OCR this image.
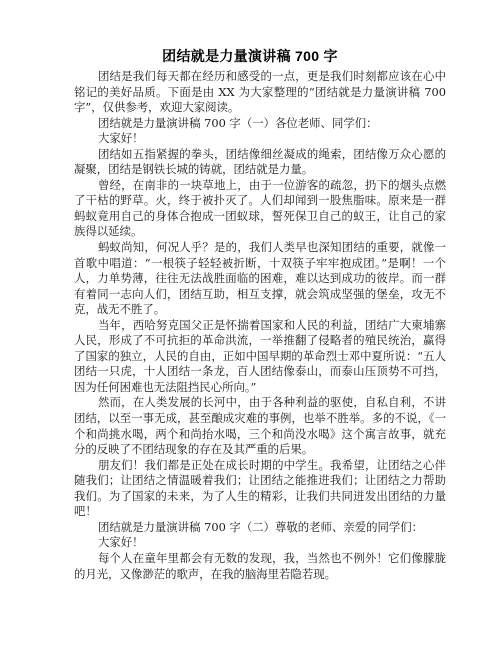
团结就是力量演讲稿 700 字

团结是我们每天都在经历和感受的一点，更是我们时刻都应该在心中铭记的美好品质。下面是由 XX 为大家整理的“团结就是力量演讲稿 700 字”，仅供参考，欢迎大家阅读。

团结就是力量演讲稿 700 字（一）各位老师、同学们：

大家好！

团结如五指紧握的拳头，团结像细丝凝成的绳索，团结像万众心愿的凝聚，团结是钢铁长城的铸就，团结就是力量。

曾经，在南非的一块草地上，由于一位游客的疏忽，扔下的烟头点燃了干枯的野草。火，终于被扑灭了。人们却闻到一股焦脂味。原来是一群蚂蚁竟用自己的身体合抱成一团蚁球，誓死保卫自己的蚁王，让自己的家族得以延续。

蚂蚁尚知，何况人乎？是的，我们人类早也深知团结的重要，就像一首歌中唱道：“一根筷子轻轻被折断，十双筷子牢牢抱成团。”是啊！一个人，力单势薄，往往无法战胜面临的困难，难以达到成功的彼岸。而一群有着同一志向人们，团结互助，相互支撑，就会筑成坚强的堡垒，攻无不克，战无不胜了。

当年，西哈努克国父正是怀揣着国家和人民的利益，团结广大柬埔寨人民，形成了不可抗拒的革命洪流，一举推翻了侵略者的殖民统治，赢得了国家的独立，人民的自由，正如中国早期的革命烈士邓中夏所说：“五人团结一只虎，十人团结一条龙，百人团结像泰山，而泰山压顶势不可挡，因为任何困难也无法阻挡民心所向。”

然而，在人类发展的长河中，由于各种利益的驱使，自私自利，不讲团结，以至一事无成，甚至酿成灾难的事例，也举不胜举。多的不说，《一个和尚挑水喝，两个和尚抬水喝，三个和尚没水喝》这个寓言故事，就充分的反映了不团结现象的存在及其严重的后果。

朋友们！我们都是正处在成长时期的中学生。我希望，让团结之心伴随我们；让团结之情温暖着我们；让团结之能推进我们；让团结之力帮助我们。为了国家的未来，为了人生的精彩，让我们共同迸发出团结的力量吧！

团结就是力量演讲稿 700 字（二）尊敬的老师、亲爱的同学们：

大家好！

每个人在童年里都会有无数的发现，我，当然也不例外！它们像朦胧的月光，又像渺茫的歌声，在我的脑海里若隐若现。
